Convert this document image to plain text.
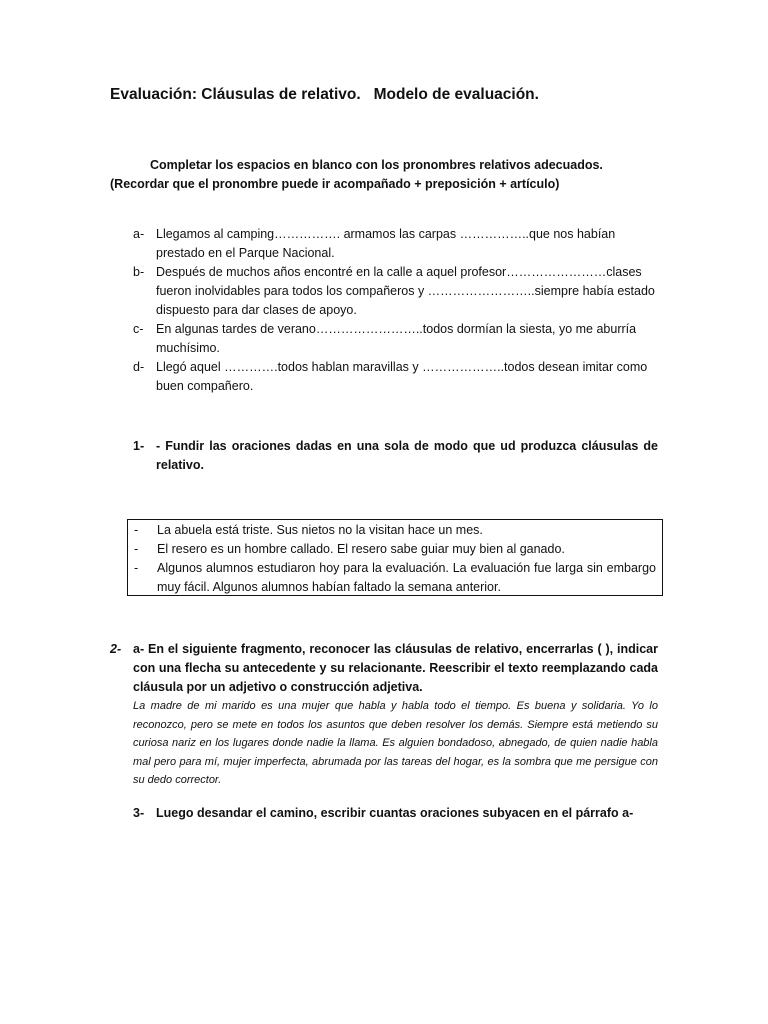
Evaluación: Cláusulas de relativo.   Modelo de evaluación.
Completar los espacios en blanco con los pronombres relativos adecuados. (Recordar que el pronombre puede ir acompañado + preposición + artículo)
a- Llegamos al camping……………. armamos las carpas ……………..que nos habían prestado en el Parque Nacional.
b- Después de muchos años encontré en la calle a aquel profesor……………………clases fueron inolvidables para todos los compañeros y ……………………..siempre había estado dispuesto para dar clases de apoyo.
c-	En algunas tardes de verano……………………..todos dormían la siesta, yo me aburría muchísimo.
d- Llegó aquel ………….todos hablan maravillas y ………………..todos desean imitar como buen compañero.
1- - Fundir las oraciones dadas en una sola de modo que ud produzca cláusulas de relativo.
-	La abuela está triste. Sus nietos no la visitan hace un mes.
-	El resero es un hombre callado. El resero sabe guiar muy bien al ganado.
-	Algunos alumnos estudiaron hoy para la evaluación. La evaluación fue larga sin embargo muy fácil. Algunos alumnos habían faltado la semana anterior.
2- a- En el siguiente fragmento, reconocer las cláusulas de relativo, encerrarlas ( ), indicar con una flecha su antecedente y su relacionante. Reescribir el texto reemplazando cada cláusula por un adjetivo o construcción adjetiva.
La madre de mi marido es una mujer que habla y habla todo el tiempo. Es buena y solidaria. Yo lo reconozco, pero se mete en todos los asuntos que deben resolver los demás. Siempre está metiendo su curiosa nariz en los lugares donde nadie la llama. Es alguien bondadoso, abnegado, de quien nadie habla mal pero para mí, mujer imperfecta, abrumada por las tareas del hogar, es la sombra que me persigue con su dedo corrector.
3- Luego desandar el camino, escribir cuantas oraciones subyacen en el párrafo a-
